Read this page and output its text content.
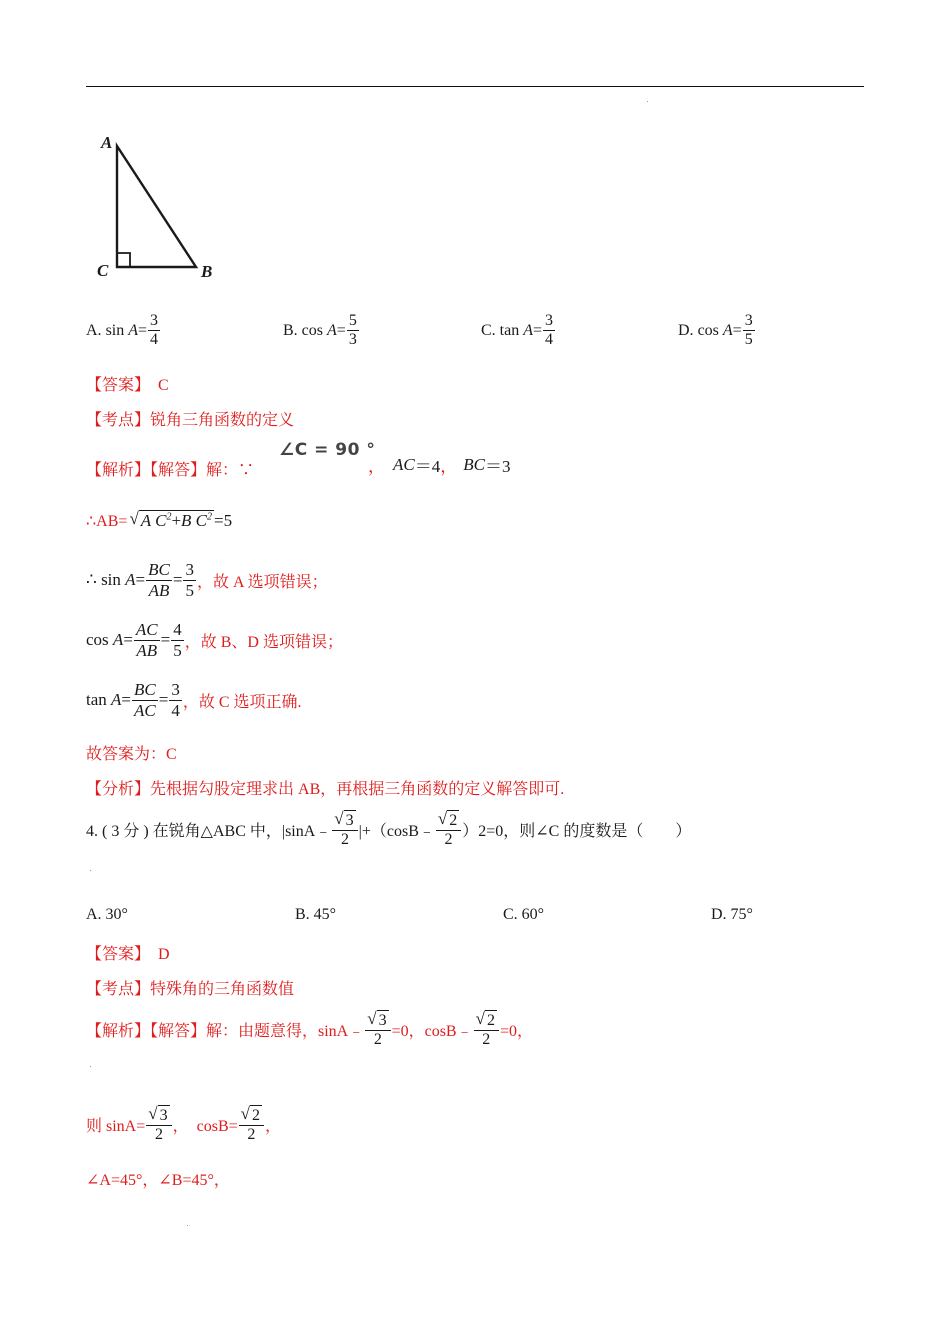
A
C	B
A.
sin
$A = \frac{3}{4}$	B.
cos
$A = \frac{5}{3}$	C.
tan
$A = \frac{3}{4}$	D.
cos
$A = \frac{3}{5}$
【答案】 C
【考点】锐角三角函数的定义
【解析】【解答】解：∵
∠C = 90 °
， AC ＝4 ， BC ＝3
∴AB= √ A $C^2+B$ $C^2 =5$
∴ sin
$A = \frac{BC}{AB} = \frac{3}{5}$ ，故 A 选项错误；
cos
$A = \frac{AC}{AB} = \frac{4}{5}$ ，故 B、D 选项错误；
tan
$A = \frac{BC}{AC} = \frac{3}{4}$ ，故 C 选项正确.
故答案为：C
【分析】先根据勾股定理求出 AB，再根据三角函数的定义解答即可.
4. ( 3 分 ) 在锐角△ABC 中，|sinA﹣ $\frac{√ 3}{2}$ |+（cosB﹣ $\frac{√ 2}{2} )2=0$，则∠C 的度数是（　　）
A. 30°	B. 45°	C. 60°	D. 75°
【答案】 D
【考点】特殊角的三角函数值
【解析】【解答】解：由题意得，sinA﹣ $\frac{√ 3}{2} =0$，cosB﹣ $\frac{√ 2}{2} =0$，
则 $\sin A= \frac{√ 3}{2}$ ，　$\cos B= \frac{√ 2}{2}$ ，
∠A=45°，∠B=45°，
